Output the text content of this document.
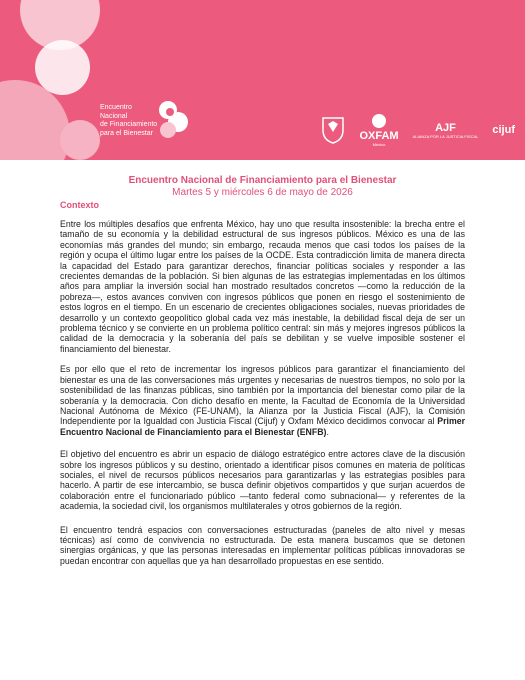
Encuentro
Nacional
de Financiamiento
para el Bienestar	OXFAM
México
AJF
ALIANZA POR LA JUSTICIA FISCAL cijuf
Encuentro Nacional de Financiamiento para el Bienestar
Martes 5 y miércoles 6 de mayo de 2026
Contexto

Entre los múltiples desafíos que enfrenta México, hay uno que resulta insostenible: la brecha entre el tamaño de su economía y la debilidad estructural de sus ingresos públicos. México es una de las economías más grandes del mundo; sin embargo, recauda menos que casi todos los países de la región y ocupa el último lugar entre los países de la OCDE. Esta contradicción limita de manera directa la capacidad del Estado para garantizar derechos, financiar políticas sociales y responder a las crecientes demandas de la población. Si bien algunas de las estrategias implementadas en los últimos años para ampliar la inversión social han mostrado resultados concretos —como la reducción de la pobreza—, estos avances conviven con ingresos públicos que ponen en riesgo el sostenimiento de estos logros en el tiempo. En un escenario de crecientes obligaciones sociales, nuevas prioridades de desarrollo y un contexto geopolítico global cada vez más inestable, la debilidad fiscal deja de ser un problema técnico y se convierte en un problema político central: sin más y mejores ingresos públicos la calidad de la democracia y la soberanía del país se debilitan y se vuelve imposible sostener el financiamiento del bienestar.

Es por ello que el reto de incrementar los ingresos públicos para garantizar el financiamiento del bienestar es una de las conversaciones más urgentes y necesarias de nuestros tiempos, no solo por la sostenibilidad de las finanzas públicas, sino también por la importancia del bienestar como pilar de la soberanía y la democracia. Con dicho desafío en mente, la Facultad de Economía de la Universidad Nacional Autónoma de México (FE-UNAM), la Alianza por la Justicia Fiscal (AJF), la Comisión Independiente por la Igualdad con Justicia Fiscal (Cijuf) y Oxfam México decidimos convocar al Primer Encuentro Nacional de Financiamiento para el Bienestar (ENFB).

El objetivo del encuentro es abrir un espacio de diálogo estratégico entre actores clave de la discusión sobre los ingresos públicos y su destino, orientado a identificar pisos comunes en materia de políticas sociales, el nivel de recursos públicos necesarios para garantizarlas y las estrategias posibles para hacerlo. A partir de ese intercambio, se busca definir objetivos compartidos y que surjan acuerdos de colaboración entre el funcionariado público —tanto federal como subnacional— y referentes de la academia, la sociedad civil, los organismos multilaterales y otros gobiernos de la región.

El encuentro tendrá espacios con conversaciones estructuradas (paneles de alto nivel y mesas técnicas) así como de convivencia no estructurada. De esta manera buscamos que se detonen sinergias orgánicas, y que las personas interesadas en implementar políticas públicas innovadoras se puedan encontrar con aquellas que ya han desarrollado propuestas en ese sentido.
